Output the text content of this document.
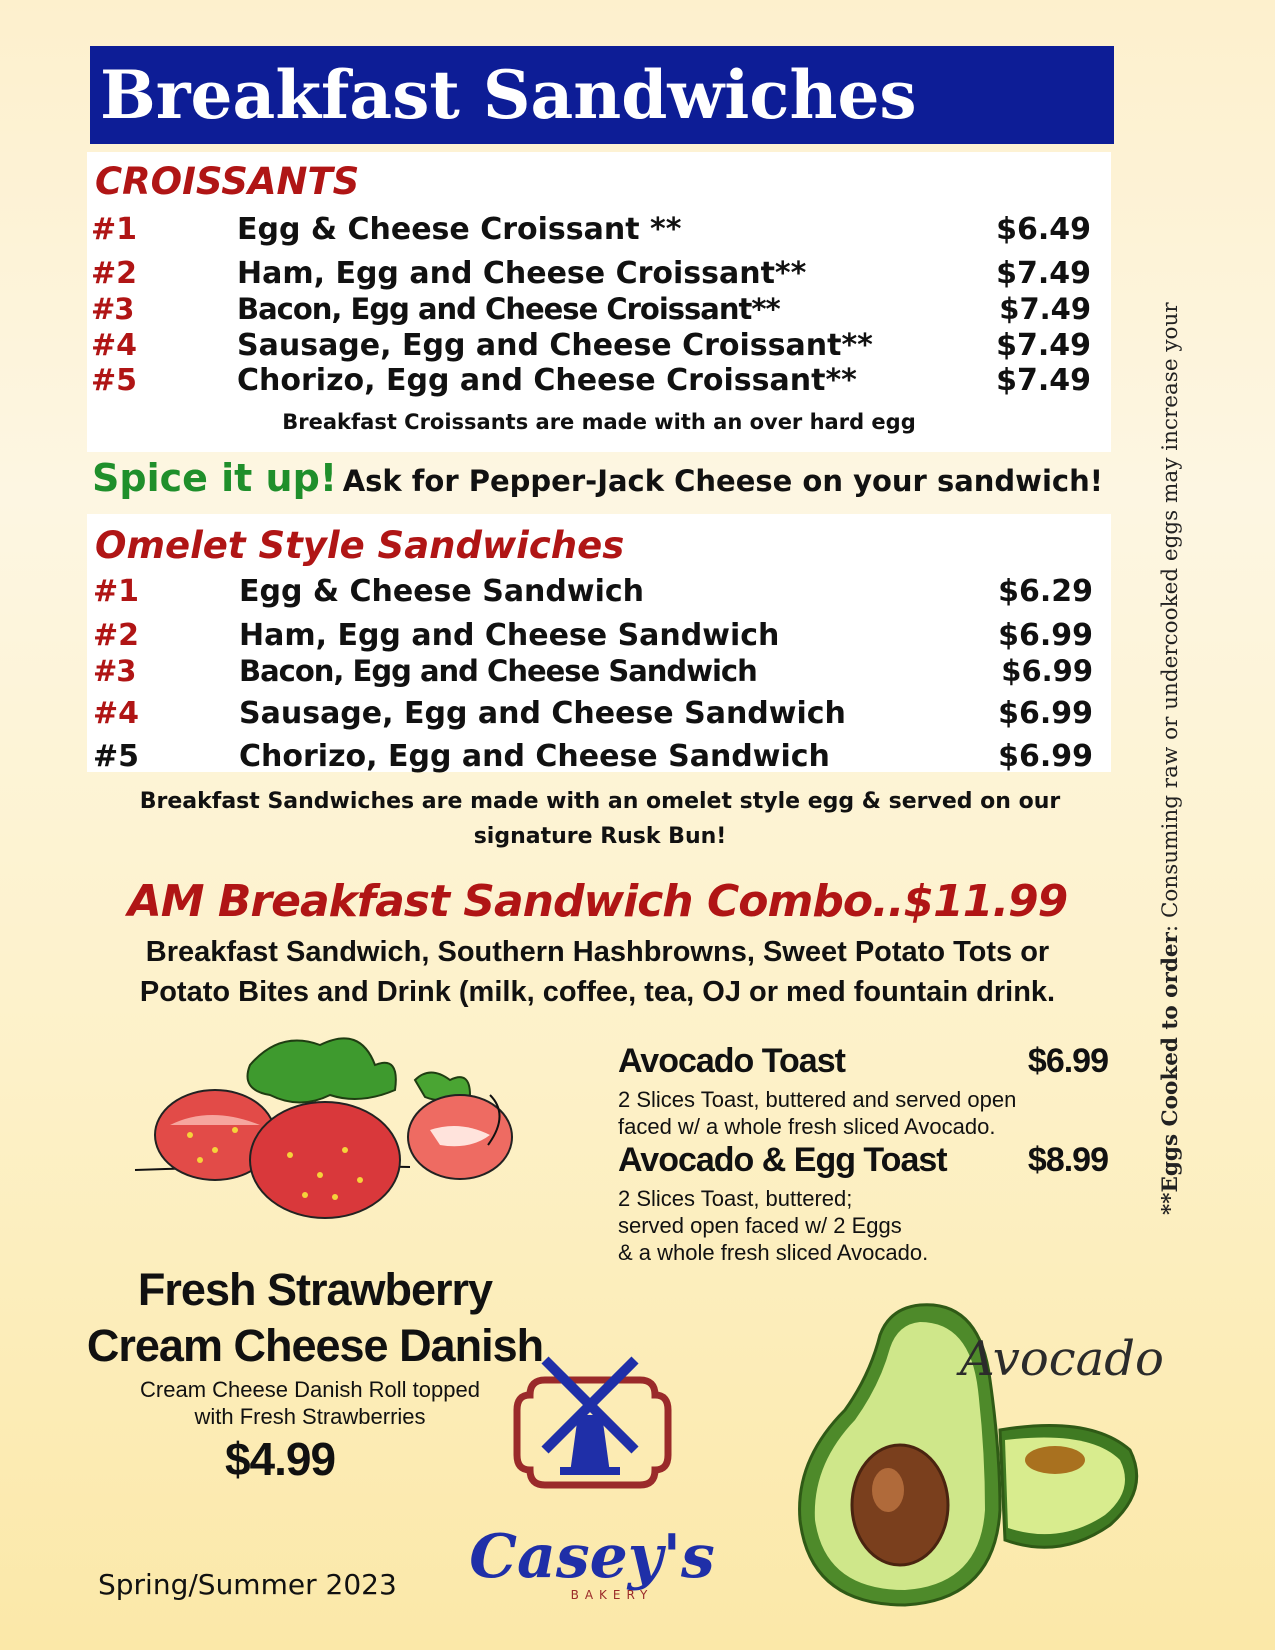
Breakfast Sandwiches
CROISSANTS
#1	Egg & Cheese Croissant **	$6.49
#2	Ham, Egg and Cheese Croissant**	$7.49
#3	Bacon, Egg and Cheese Croissant**	$7.49
#4	Sausage, Egg and Cheese Croissant**	$7.49
#5	Chorizo, Egg and Cheese Croissant**	$7.49
Breakfast Croissants are made with an over hard egg
Spice it up! Ask for Pepper-Jack Cheese on your sandwich!
Omelet Style Sandwiches
#1	Egg & Cheese Sandwich	$6.29
#2	Ham, Egg and Cheese Sandwich	$6.99
#3	Bacon, Egg and Cheese Sandwich	$6.99
#4	Sausage, Egg and Cheese Sandwich	$6.99
#5	Chorizo, Egg and Cheese Sandwich	$6.99
Breakfast Sandwiches are made with an omelet style egg & served on our
signature Rusk Bun!
AM Breakfast Sandwich Combo..$11.99
Breakfast Sandwich, Southern Hashbrowns, Sweet Potato Tots or
Potato Bites and Drink (milk, coffee, tea, OJ or med fountain drink.
Avocado Toast	$6.99
2 Slices Toast, buttered and served open
faced w/ a whole fresh sliced Avocado.
Avocado & Egg Toast $8.99
2 Slices Toast, buttered;
served open faced w/ 2 Eggs
& a whole fresh sliced Avocado.
Fresh Strawberry
Cream Cheese Danish
Cream Cheese Danish Roll topped
with Fresh Strawberries
$4.99
Casey's
BAKERY
Avocado
Spring/Summer 2023
**Eggs Cooked to order: Consuming raw or undercooked eggs may increase your
